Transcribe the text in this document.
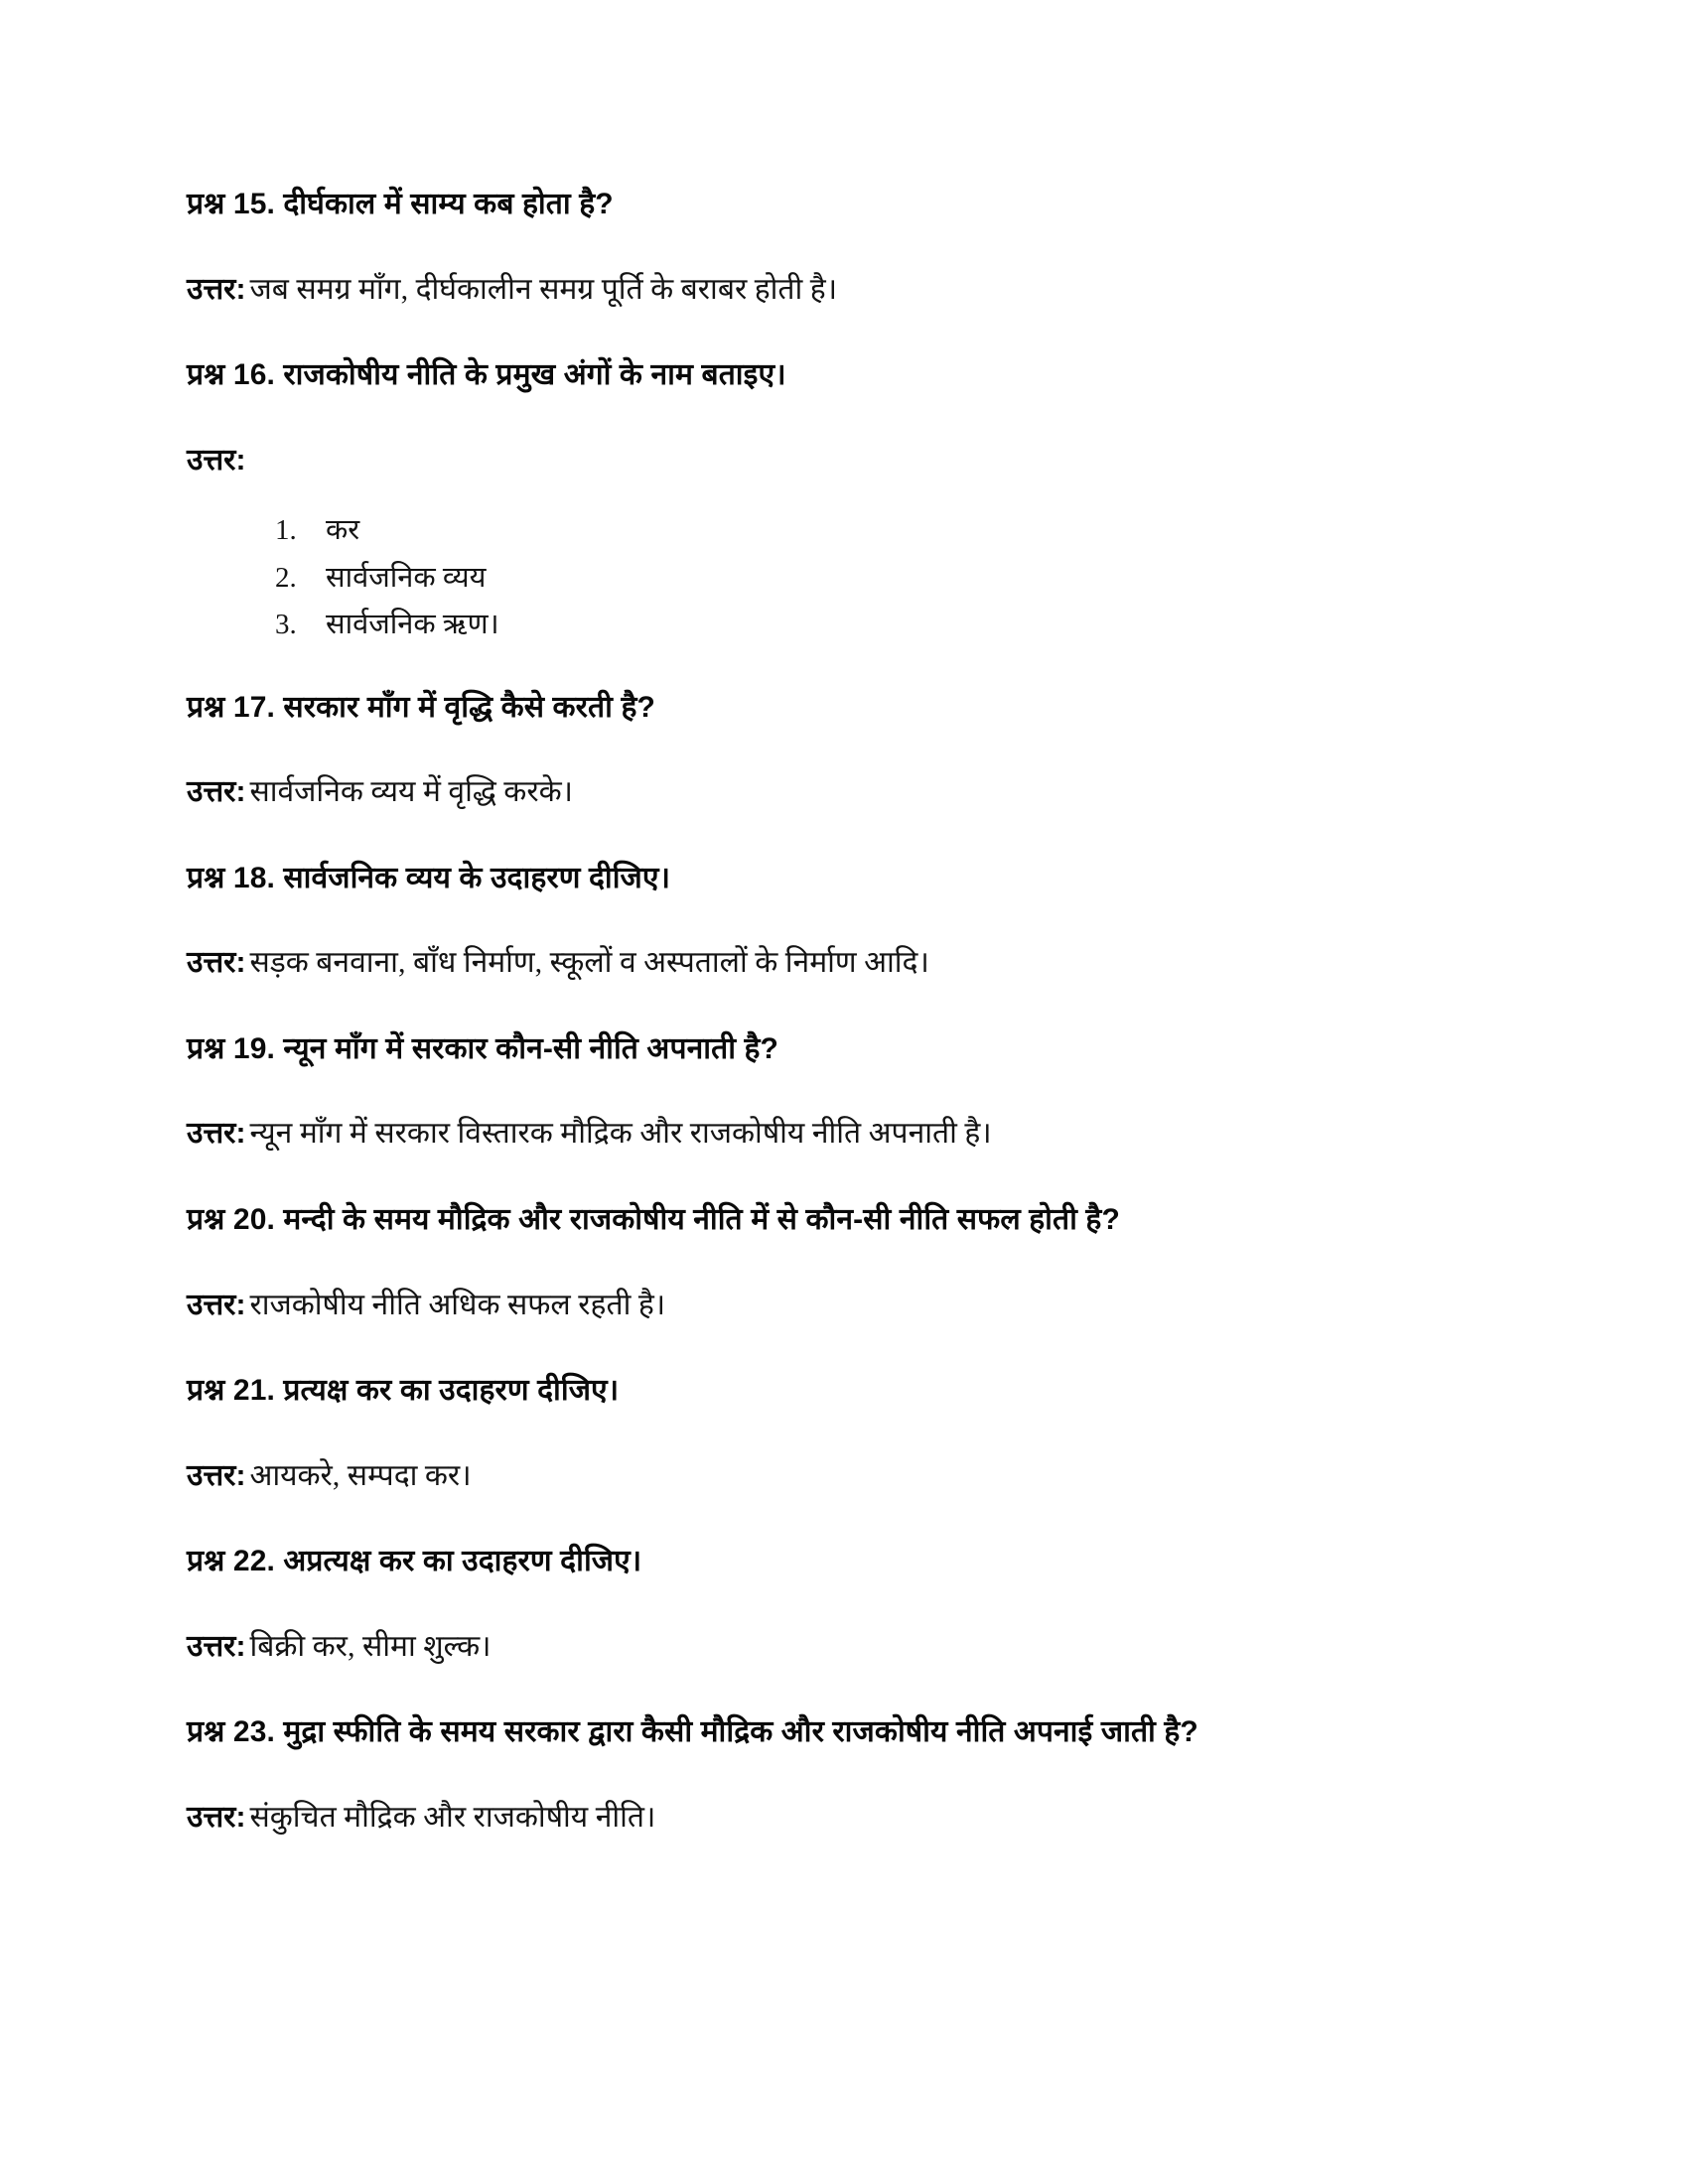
प्रश्न 15. दीर्घकाल में साम्य कब होता है?

उत्तर: जब समग्र माँग, दीर्घकालीन समग्र पूर्ति के बराबर होती है।

प्रश्न 16. राजकोषीय नीति के प्रमुख अंगों के नाम बताइए।

उत्तर:

1. कर
2. सार्वजनिक व्यय
3. सार्वजनिक ऋण।

प्रश्न 17. सरकार माँग में वृद्धि कैसे करती है?

उत्तर: सार्वजनिक व्यय में वृद्धि करके।

प्रश्न 18. सार्वजनिक व्यय के उदाहरण दीजिए।

उत्तर: सड़क बनवाना, बाँध निर्माण, स्कूलों व अस्पतालों के निर्माण आदि।

प्रश्न 19. न्यून माँग में सरकार कौन-सी नीति अपनाती है?

उत्तर: न्यून माँग में सरकार विस्तारक मौद्रिक और राजकोषीय नीति अपनाती है।

प्रश्न 20. मन्दी के समय मौद्रिक और राजकोषीय नीति में से कौन-सी नीति सफल होती है?

उत्तर: राजकोषीय नीति अधिक सफल रहती है।

प्रश्न 21. प्रत्यक्ष कर का उदाहरण दीजिए।

उत्तर: आयकरे, सम्पदा कर।

प्रश्न 22. अप्रत्यक्ष कर का उदाहरण दीजिए।

उत्तर: बिक्री कर, सीमा शुल्क।

प्रश्न 23. मुद्रा स्फीति के समय सरकार द्वारा कैसी मौद्रिक और राजकोषीय नीति अपनाई जाती है?

उत्तर: संकुचित मौद्रिक और राजकोषीय नीति।
